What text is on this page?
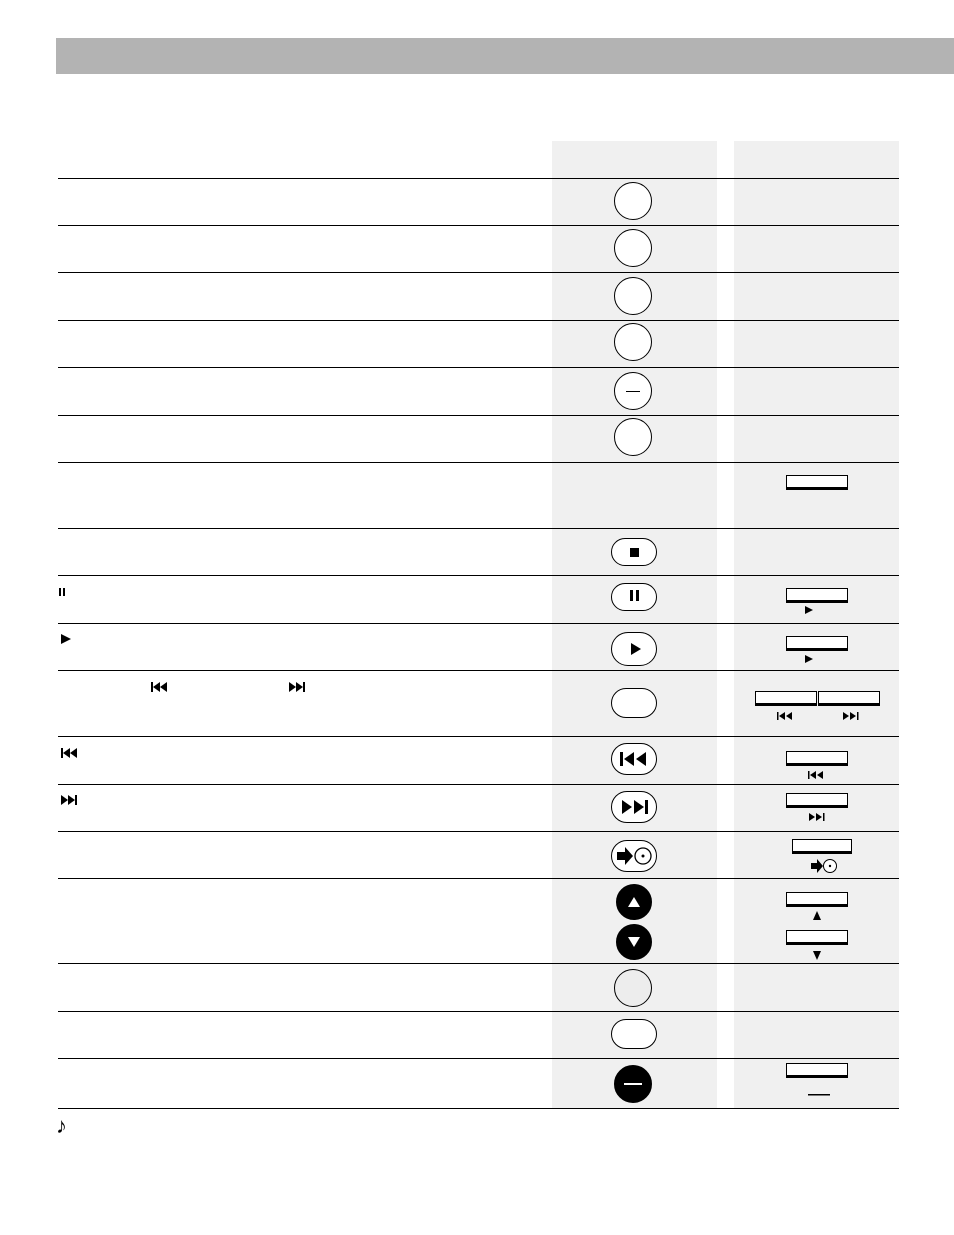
♪
